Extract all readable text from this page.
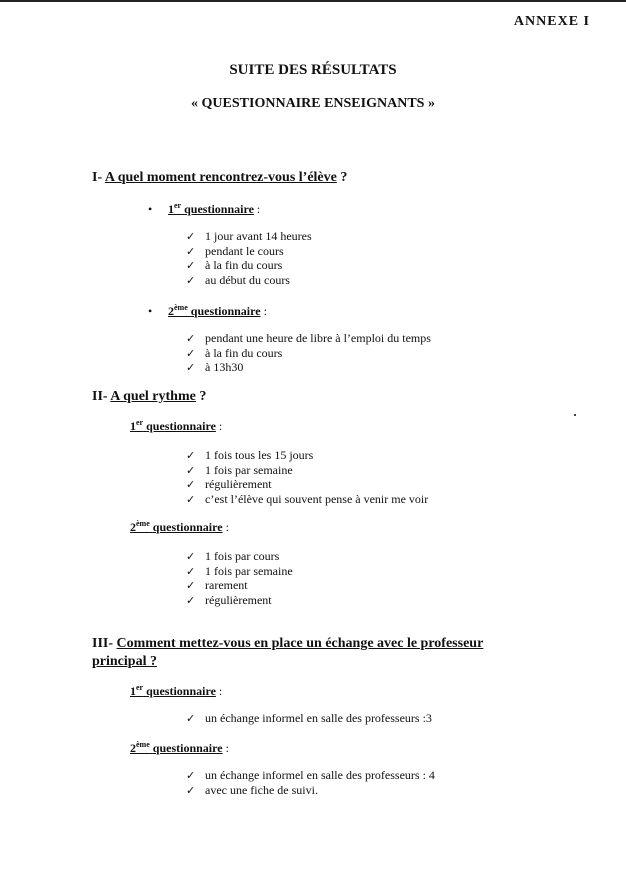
ANNEXE I
SUITE DES RÉSULTATS
« QUESTIONNAIRE ENSEIGNANTS »
I- A quel moment rencontrez-vous l’élève ?
• 1er questionnaire :
✓ 1 jour avant 14 heures
✓ pendant le cours
✓ à la fin du cours
✓ au début du cours
• 2ème questionnaire :
✓ pendant une heure de libre à l’emploi du temps
✓ à la fin du cours
✓ à 13h30
II- A quel rythme ?
1er questionnaire :
✓ 1 fois tous les 15 jours
✓ 1 fois par semaine
✓ régulièrement
✓ c’est l’élève qui souvent pense à venir me voir
2ème questionnaire :
✓ 1 fois par cours
✓ 1 fois par semaine
✓ rarement
✓ régulièrement
III- Comment mettez-vous en place un échange avec le professeur
principal ?
1er questionnaire :
✓ un échange informel en salle des professeurs :3
2ème questionnaire :
✓ un échange informel en salle des professeurs : 4
✓ avec une fiche de suivi.
